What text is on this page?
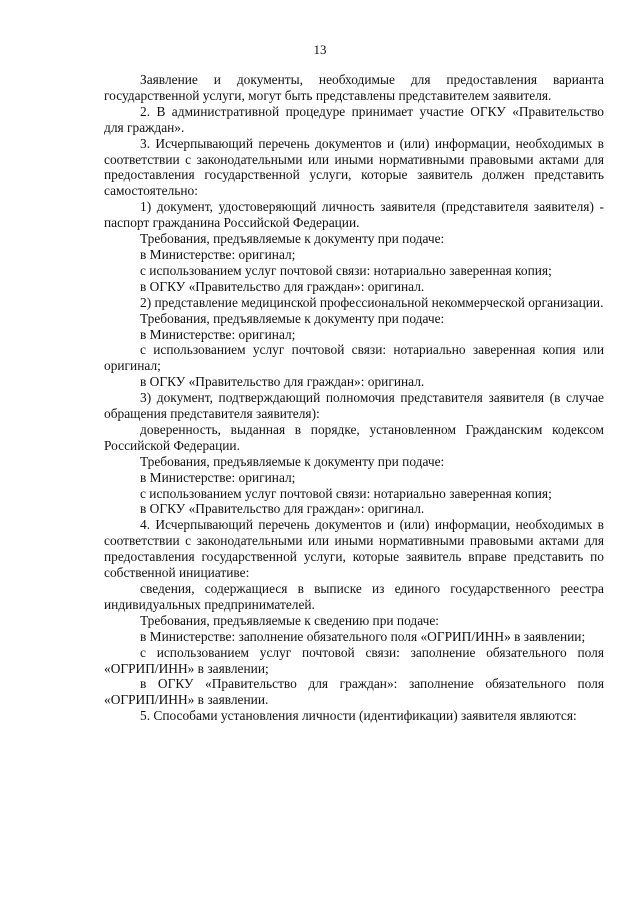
13

Заявление и документы, необходимые для предоставления варианта государственной услуги, могут быть представлены представителем заявителя.

2. В административной процедуре принимает участие ОГКУ «Правительство для граждан».

3. Исчерпывающий перечень документов и (или) информации, необходимых в соответствии с законодательными или иными нормативными правовыми актами для предоставления государственной услуги, которые заявитель должен представить самостоятельно:

1) документ, удостоверяющий личность заявителя (представителя заявителя) - паспорт гражданина Российской Федерации.

Требования, предъявляемые к документу при подаче:

в Министерстве: оригинал;

с использованием услуг почтовой связи: нотариально заверенная копия;

в ОГКУ «Правительство для граждан»: оригинал.

2) представление медицинской профессиональной некоммерческой организации.

Требования, предъявляемые к документу при подаче:

в Министерстве: оригинал;

с использованием услуг почтовой связи: нотариально заверенная копия или оригинал;

в ОГКУ «Правительство для граждан»: оригинал.

3) документ, подтверждающий полномочия представителя заявителя (в случае обращения представителя заявителя):

доверенность, выданная в порядке, установленном Гражданским кодексом Российской Федерации.

Требования, предъявляемые к документу при подаче:

в Министерстве: оригинал;

с использованием услуг почтовой связи: нотариально заверенная копия;

в ОГКУ «Правительство для граждан»: оригинал.

4. Исчерпывающий перечень документов и (или) информации, необходимых в соответствии с законодательными или иными нормативными правовыми актами для предоставления государственной услуги, которые заявитель вправе представить по собственной инициативе:

сведения, содержащиеся в выписке из единого государственного реестра индивидуальных предпринимателей.

Требования, предъявляемые к сведению при подаче:

в Министерстве: заполнение обязательного поля «ОГРИП/ИНН» в заявлении;

с использованием услуг почтовой связи: заполнение обязательного поля «ОГРИП/ИНН» в заявлении;

в ОГКУ «Правительство для граждан»: заполнение обязательного поля «ОГРИП/ИНН» в заявлении.

5. Способами установления личности (идентификации) заявителя являются:
